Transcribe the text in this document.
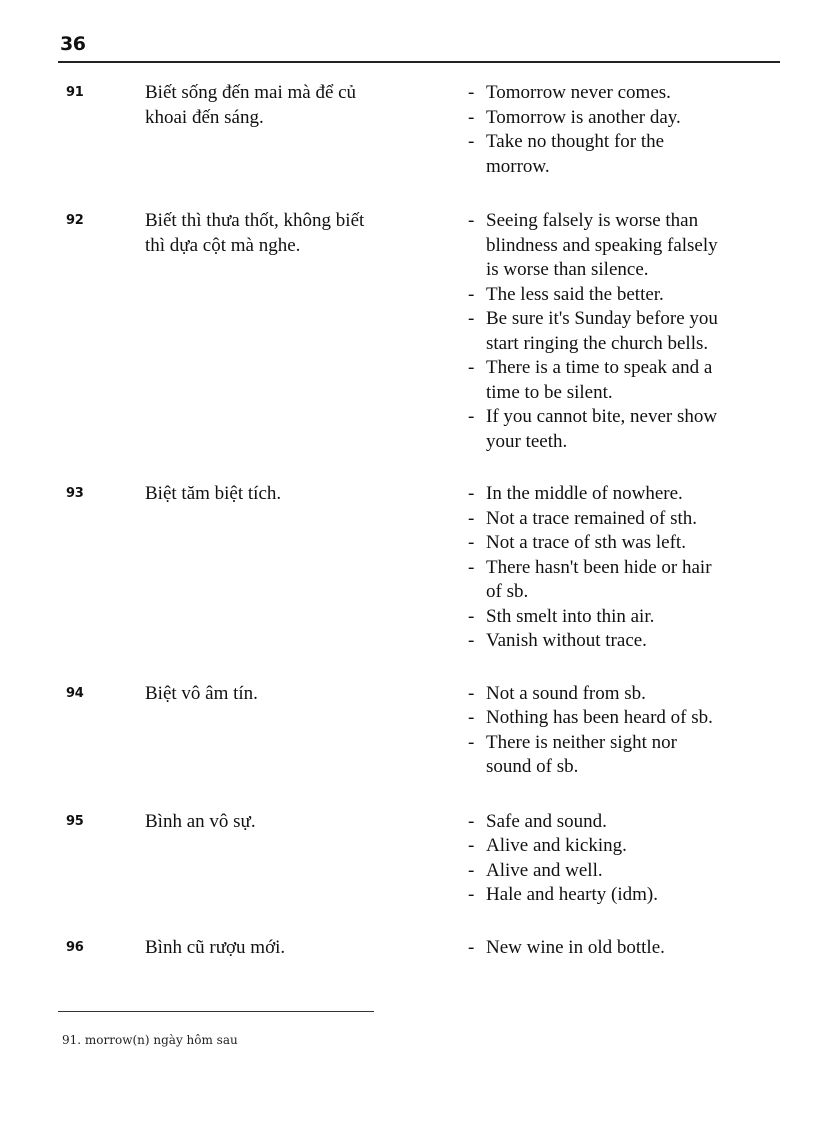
36
91	Biết sống đến mai mà để củ
khoai đến sáng.
- Tomorrow never comes.
- Tomorrow is another day.
- Take no thought for the
morrow.
92	Biết thì thưa thốt, không biết
thì dựa cột mà nghe.
- Seeing falsely is worse than
blindness and speaking falsely
is worse than silence.
- The less said the better.
- Be sure it's Sunday before you
start ringing the church bells.
- There is a time to speak and a
time to be silent.
- If you cannot bite, never show
your teeth.
93	Biệt tăm biệt tích.	- In the middle of nowhere.
- Not a trace remained of sth.
- Not a trace of sth was left.
- There hasn't been hide or hair
of sb.
- Sth smelt into thin air.
- Vanish without trace.
94	Biệt vô âm tín.	- Not a sound from sb.
- Nothing has been heard of sb.
- There is neither sight nor
sound of sb.
95	Bình an vô sự.	- Safe and sound.
- Alive and kicking.
- Alive and well.
- Hale and hearty (idm).
96	Bình cũ rượu mới.	- New wine in old bottle.
91. morrow(n) ngày hôm sau
